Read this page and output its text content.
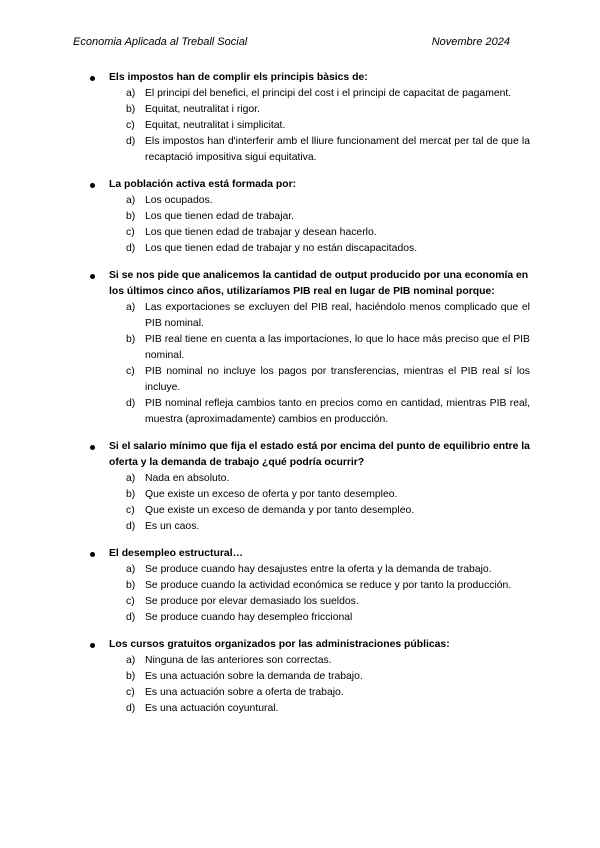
Economia Aplicada al Treball Social	Novembre 2024
Els impostos han de complir els principis bàsics de:
a) El principi del benefici, el principi del cost i el principi de capacitat de pagament.
b) Equitat, neutralitat i rigor.
c) Equitat, neutralitat i simplicitat.
d) Els impostos han d'interferir amb el lliure funcionament del mercat per tal de que la recaptació impositiva sigui equitativa.
La población activa está formada por:
a) Los ocupados.
b) Los que tienen edad de trabajar.
c) Los que tienen edad de trabajar y desean hacerlo.
d) Los que tienen edad de trabajar y no están discapacitados.
Si se nos pide que analicemos la cantidad de output producido por una economía en los últimos cinco años, utilizaríamos PIB real en lugar de PIB nominal porque:
a) Las exportaciones se excluyen del PIB real, haciéndolo menos complicado que el PIB nominal.
b) PIB real tiene en cuenta a las importaciones, lo que lo hace más preciso que el PIB nominal.
c) PIB nominal no incluye los pagos por transferencias, mientras el PIB real sí los incluye.
d) PIB nominal refleja cambios tanto en precios como en cantidad, mientras PIB real, muestra (aproximadamente) cambios en producción.
Si el salario mínimo que fija el estado está por encima del punto de equilibrio entre la oferta y la demanda de trabajo ¿qué podría ocurrir?
a) Nada en absoluto.
b) Que existe un exceso de oferta y por tanto desempleo.
c) Que existe un exceso de demanda y por tanto desempleo.
d) Es un caos.
El desempleo estructural…
a) Se produce cuando hay desajustes entre la oferta y la demanda de trabajo.
b) Se produce cuando la actividad económica se reduce y por tanto la producción.
c) Se produce por elevar demasiado los sueldos.
d) Se produce cuando hay desempleo friccional
Los cursos gratuitos organizados por las administraciones públicas:
a) Ninguna de las anteriores son correctas.
b) Es una actuación sobre la demanda de trabajo.
c) Es una actuación sobre a oferta de trabajo.
d) Es una actuación coyuntural.
